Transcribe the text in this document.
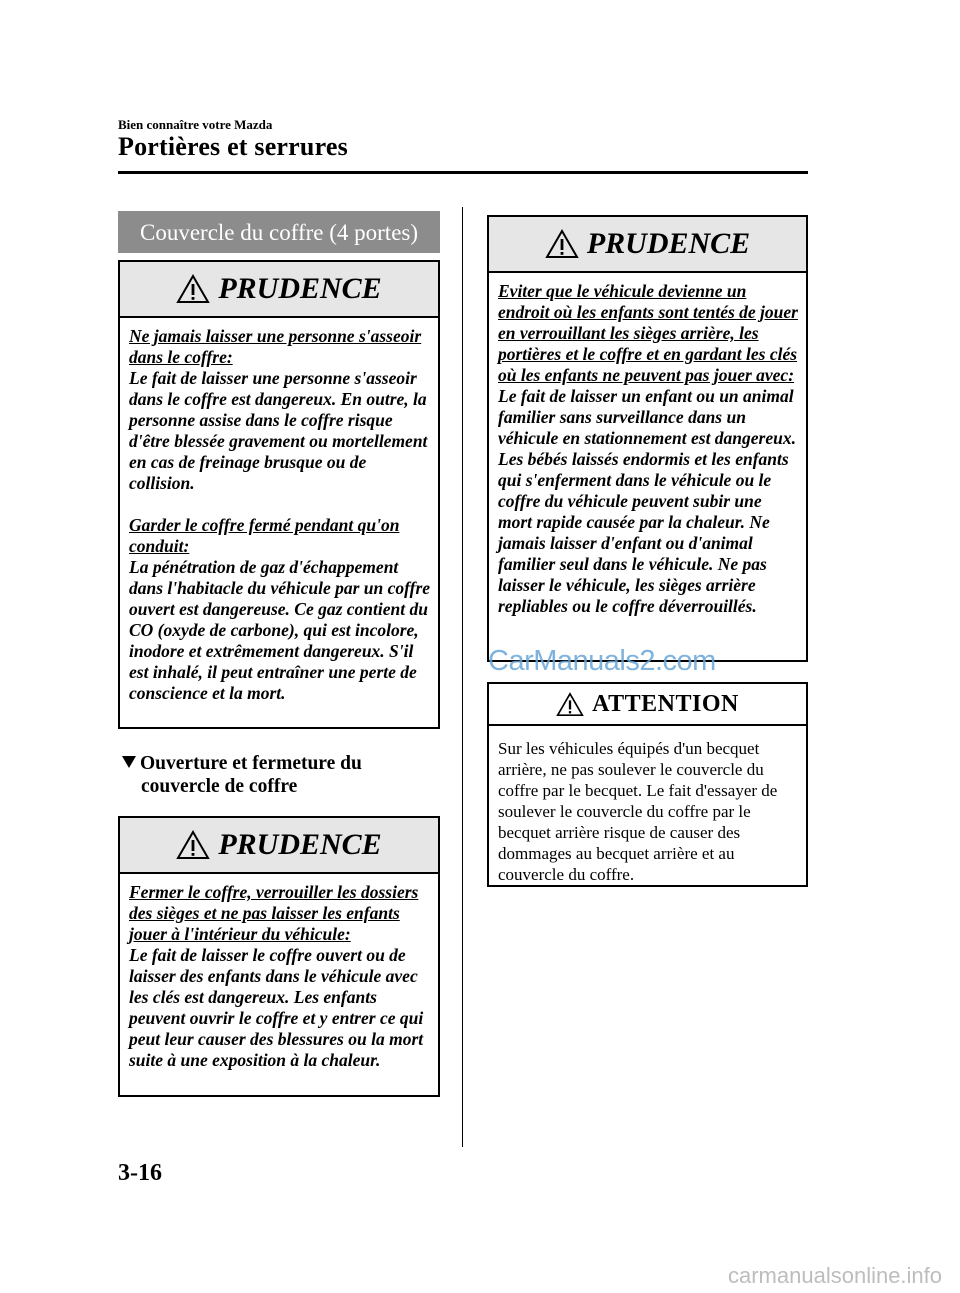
Bien connaître votre Mazda
Portières et serrures
Couvercle du coffre (4 portes)
PRUDENCE

Ne jamais laisser une personne s'asseoir dans le coffre:

Le fait de laisser une personne s'asseoir dans le coffre est dangereux. En outre, la personne assise dans le coffre risque d'être blessée gravement ou mortellement en cas de freinage brusque ou de collision.

Garder le coffre fermé pendant qu'on conduit:

La pénétration de gaz d'échappement dans l'habitacle du véhicule par un coffre ouvert est dangereuse. Ce gaz contient du CO (oxyde de carbone), qui est incolore, inodore et extrêmement dangereux. S'il est inhalé, il peut entraîner une perte de conscience et la mort.

Ouverture et fermeture du
couvercle de coffre
PRUDENCE

Fermer le coffre, verrouiller les dossiers des sièges et ne pas laisser les enfants jouer à l'intérieur du véhicule:

Le fait de laisser le coffre ouvert ou de laisser des enfants dans le véhicule avec les clés est dangereux. Les enfants peuvent ouvrir le coffre et y entrer ce qui peut leur causer des blessures ou la mort suite à une exposition à la chaleur.

PRUDENCE

Eviter que le véhicule devienne un endroit où les enfants sont tentés de jouer en verrouillant les sièges arrière, les portières et le coffre et en gardant les clés où les enfants ne peuvent pas jouer avec:

Le fait de laisser un enfant ou un animal familier sans surveillance dans un véhicule en stationnement est dangereux. Les bébés laissés endormis et les enfants qui s'enferment dans le véhicule ou le coffre du véhicule peuvent subir une mort rapide causée par la chaleur. Ne jamais laisser d'enfant ou d'animal familier seul dans le véhicule. Ne pas laisser le véhicule, les sièges arrière repliables ou le coffre déverrouillés.

CarManuals2.com
ATTENTION
Sur les véhicules équipés d'un becquet arrière, ne pas soulever le couvercle du coffre par le becquet. Le fait d'essayer de soulever le couvercle du coffre par le becquet arrière risque de causer des dommages au becquet arrière et au couvercle du coffre.
3-16
carmanualsonline.info
